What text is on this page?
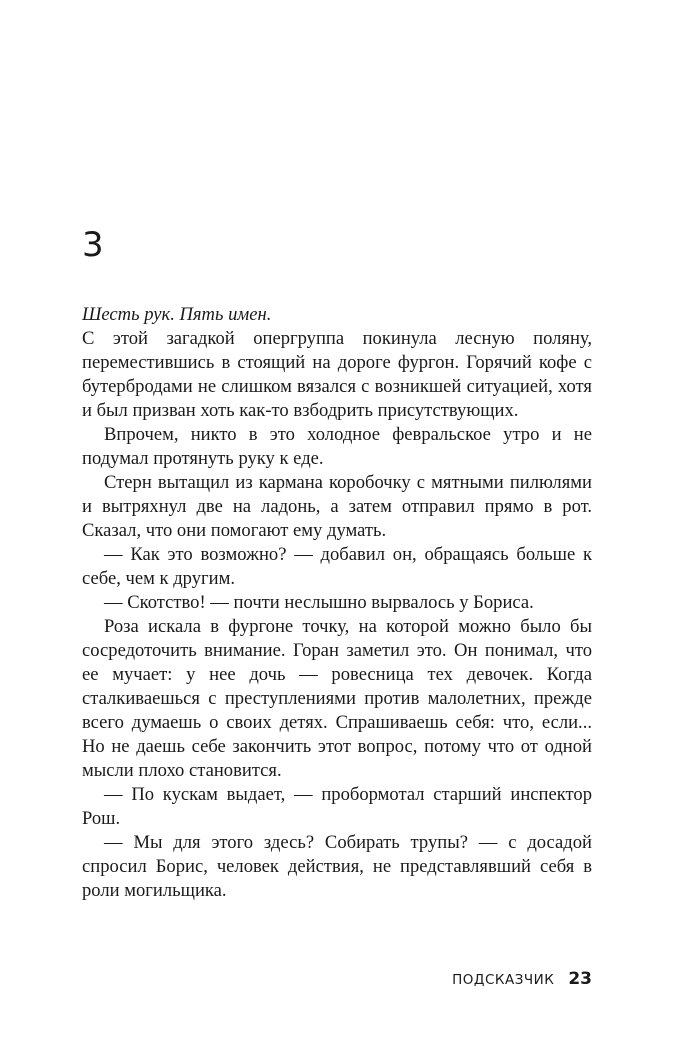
3

Шесть рук. Пять имен.

С этой загадкой опергруппа покинула лесную поляну, переместившись в стоящий на дороге фургон. Горячий кофе с бутербродами не слишком вязался с возникшей ситуацией, хотя и был призван хоть как-то взбодрить присутствующих.

Впрочем, никто в это холодное февральское утро и не подумал протянуть руку к еде.

Стерн вытащил из кармана коробочку с мятными пилюлями и вытряхнул две на ладонь, а затем отправил прямо в рот. Сказал, что они помогают ему думать.

— Как это возможно? — добавил он, обращаясь больше к себе, чем к другим.

— Скотство! — почти неслышно вырвалось у Бориса.

Роза искала в фургоне точку, на которой можно было бы сосредоточить внимание. Горан заметил это. Он понимал, что ее мучает: у нее дочь — ровесница тех девочек. Когда сталкиваешься с преступлениями против малолетних, прежде всего думаешь о своих детях. Спрашиваешь себя: что, если... Но не даешь себе закончить этот вопрос, потому что от одной мысли плохо становится.

— По кускам выдает, — пробормотал старший инспектор Рош.

— Мы для этого здесь? Собирать трупы? — с досадой спросил Борис, человек действия, не представлявший себя в роли могильщика.

ПОДСКАЗЧИК 23
